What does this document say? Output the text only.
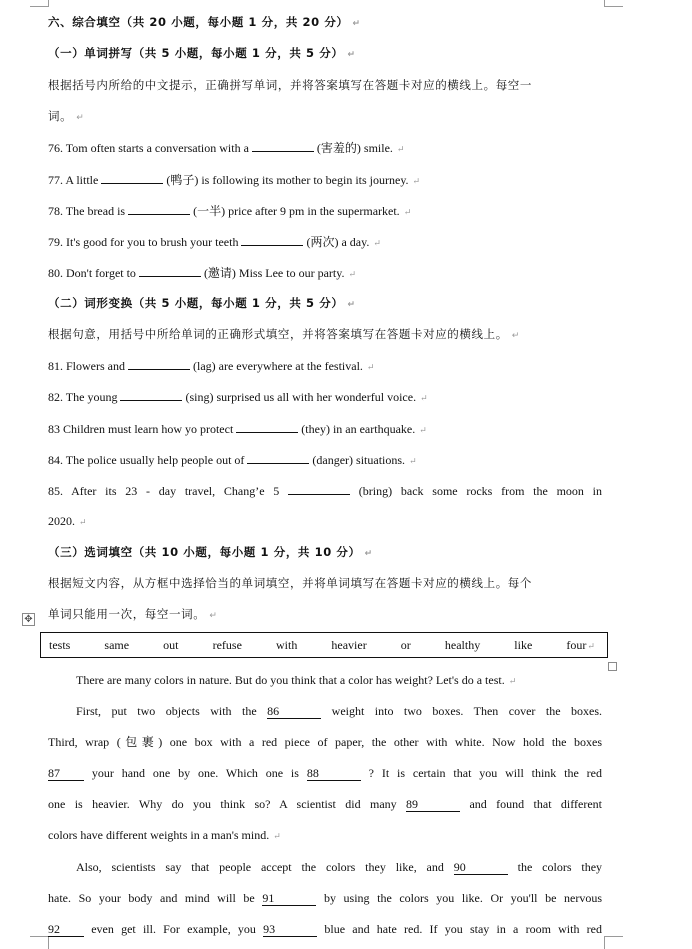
六、综合填空（共 20 小题，每小题 1 分，共 20 分） ↵
（一）单词拼写（共 5 小题，每小题 1 分，共 5 分） ↵
根据括号内所给的中文提示，正确拼写单词，并将答案填写在答题卡对应的横线上。每空一
词。 ↵
76. Tom often starts a conversation with a	(害羞的) smile. ↵
77. A little	(鸭子) is following its mother to begin its journey. ↵
78. The bread is	(一半) price after 9 pm in the supermarket. ↵
79. It's good for you to brush your teeth	(两次) a day. ↵
80. Don't forget to	(邀请) Miss Lee to our party. ↵
（二）词形变换（共 5 小题，每小题 1 分，共 5 分） ↵
根据句意，用括号中所给单词的正确形式填空，并将答案填写在答题卡对应的横线上。 ↵
81. Flowers and	(lag) are everywhere at the festival. ↵
82. The young	(sing) surprised us all with her wonderful voice. ↵
83 Children must learn how yo protect	(they) in an earthquake. ↵
84. The police usually help people out of	(danger) situations. ↵
85. After its 23 - day travel, Chang’e 5	(bring) back some rocks from the moon in
2020. ↵
（三）选词填空（共 10 小题，每小题 1 分，共 10 分） ↵
根据短文内容，从方框中选择恰当的单词填空，并将单词填写在答题卡对应的横线上。每个
单词只能用一次，每空一词。 ↵
✥
tests	same	out	refuse	with	heavier	or	healthy	like	four↵
There are many colors in nature. But do you think that a color has weight? Let's do a test. ↵
First, put two objects with the 86	weight into two boxes. Then cover the boxes.
Third, wrap (包裹) one box with a red piece of paper, the other with white. Now hold the boxes
87	your hand one by one. Which one is 88	? It is certain that you will think the red
one is heavier. Why do you think so? A scientist did many 89	and found that different
colors have different weights in a man's mind. ↵
Also, scientists say that people accept the colors they like, and 90	the colors they
hate. So your body and mind will be 91	by using the colors you like. Or you'll be nervous
92	even get ill. For example, you 93	blue and hate red. If you stay in a room with red
